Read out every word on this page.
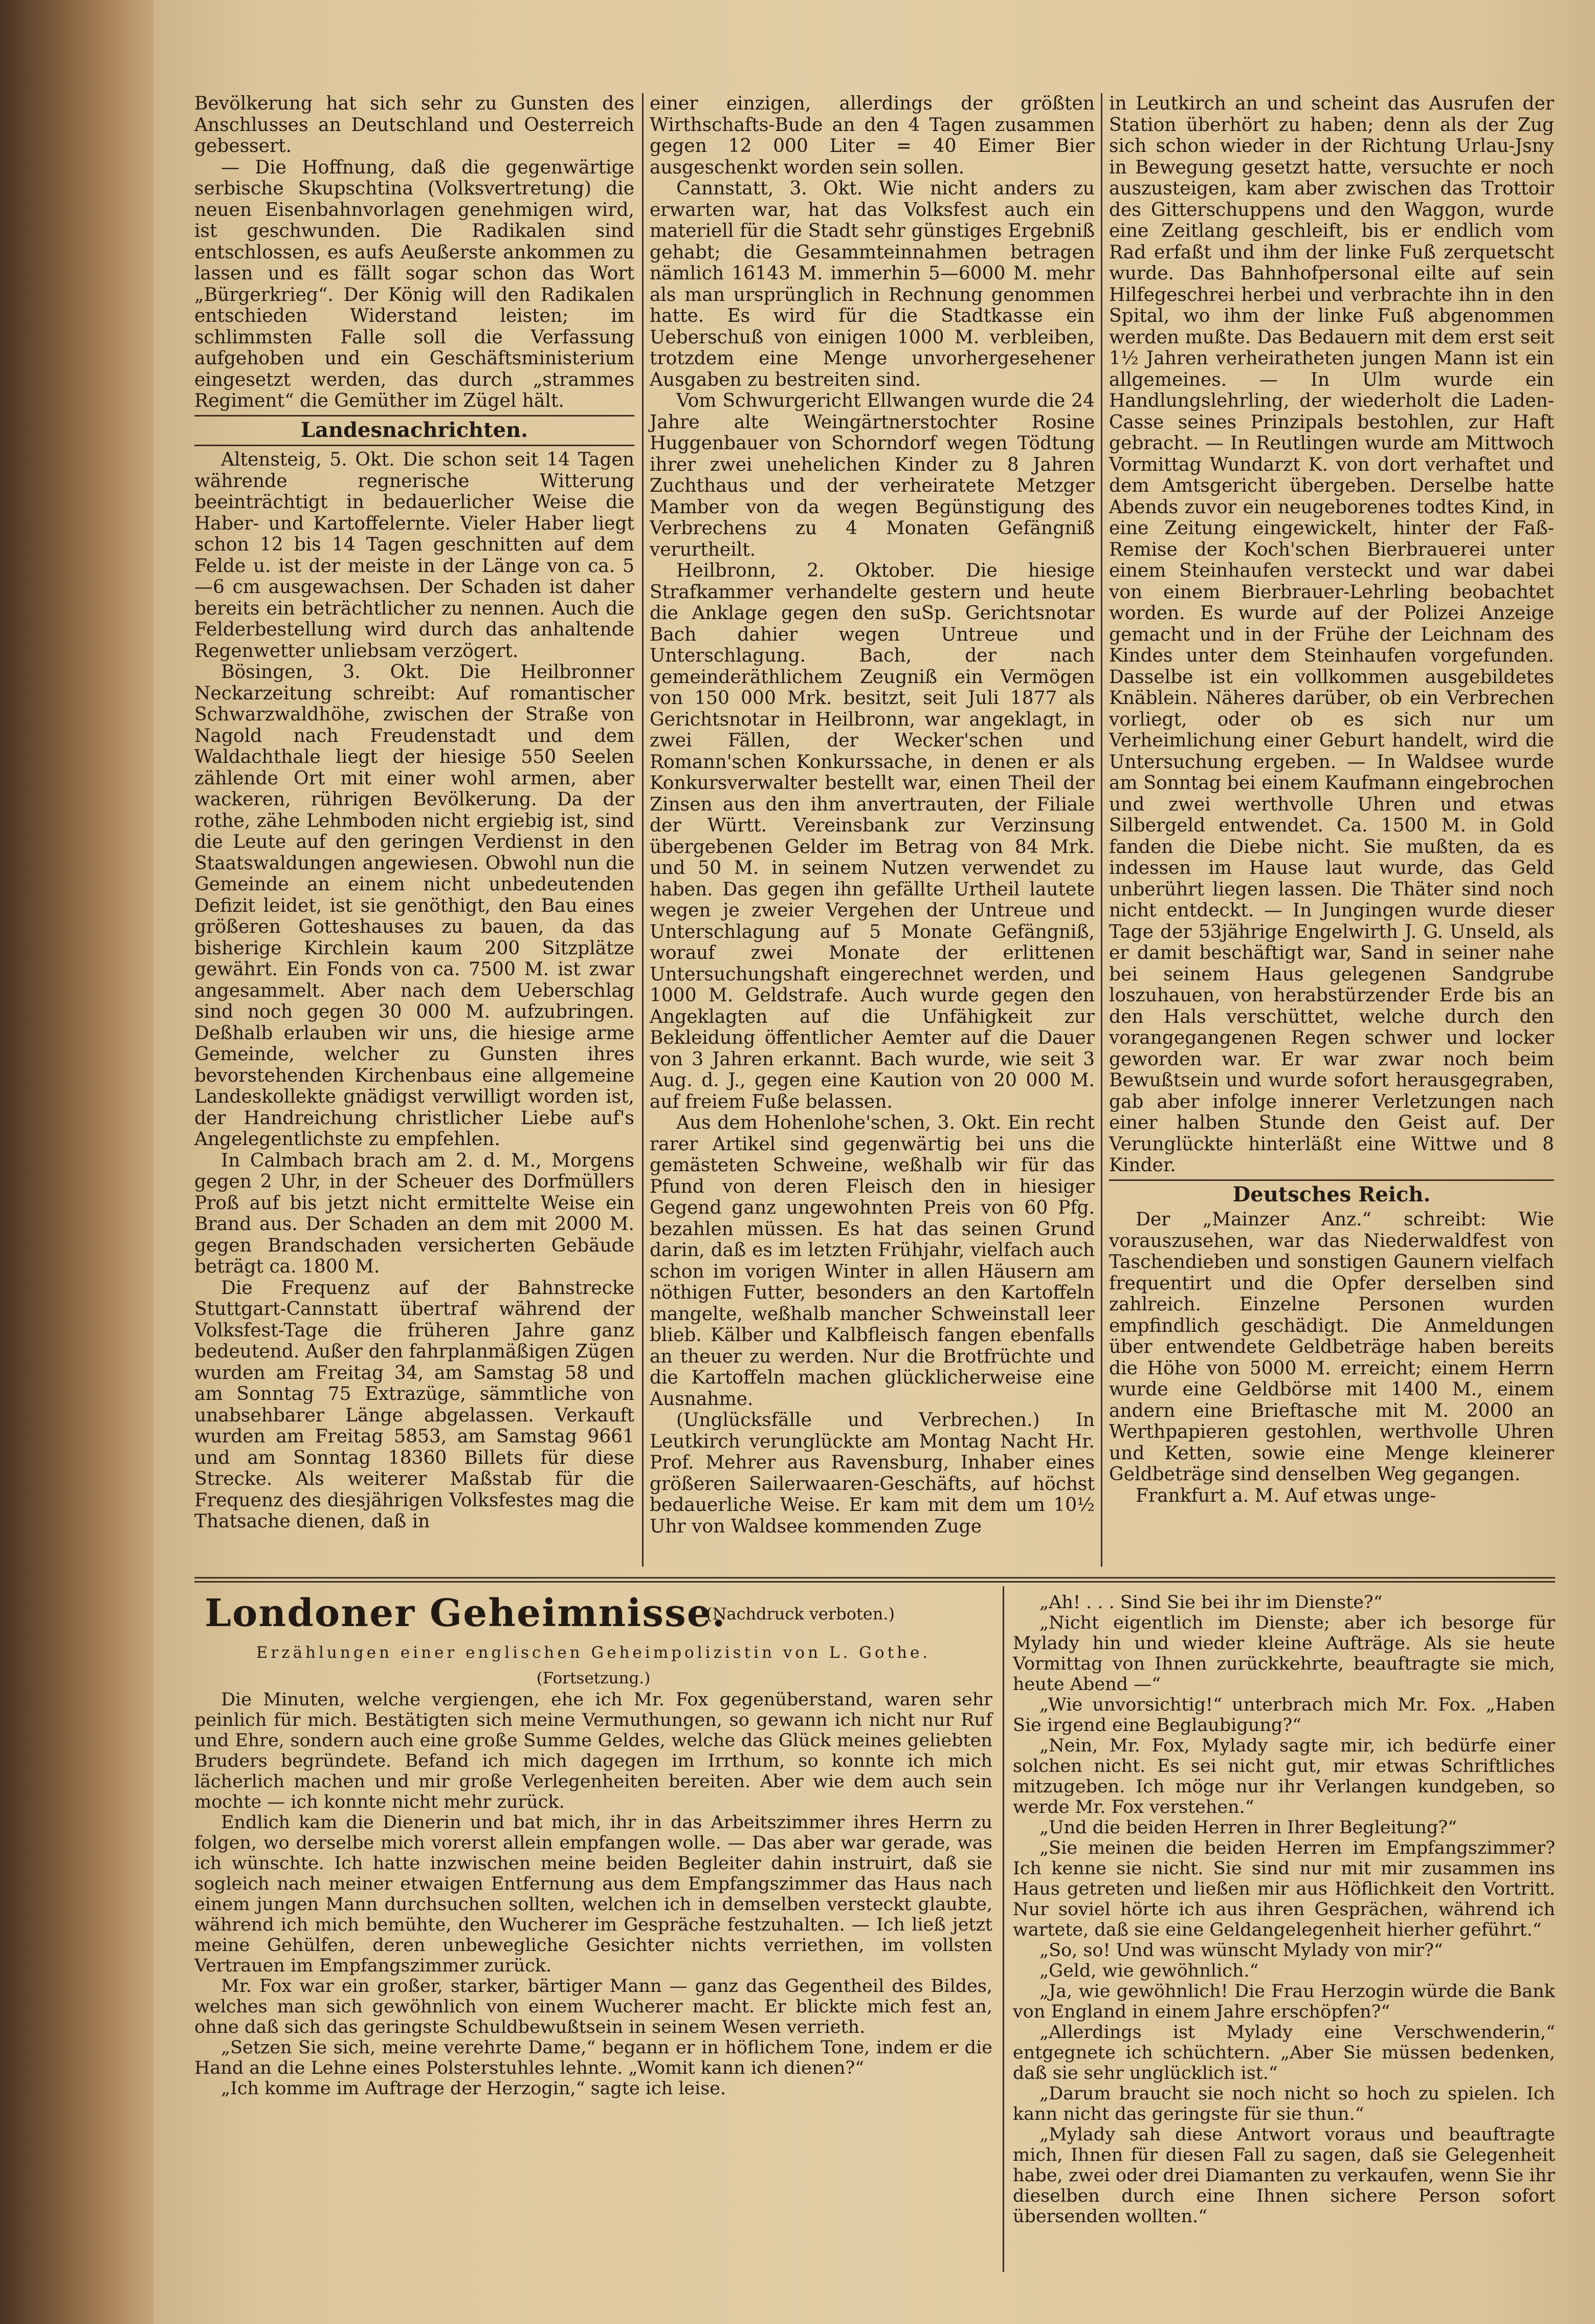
Bevölkerung hat sich sehr zu Gunsten des Anschlusses an Deutschland und Oesterreich gebessert.

— Die Hoffnung, daß die gegenwärtige serbische Skupschtina (Volksvertretung) die neuen Eisenbahnvorlagen genehmigen wird, ist geschwunden. Die Radikalen sind entschlossen, es aufs Aeußerste ankommen zu lassen und es fällt sogar schon das Wort „Bürgerkrieg“. Der König will den Radikalen entschieden Widerstand leisten; im schlimmsten Falle soll die Verfassung aufgehoben und ein Geschäftsministerium eingesetzt werden, das durch „strammes Regiment“ die Gemüther im Zügel hält.

Landesnachrichten.

Altensteig, 5. Okt. Die schon seit 14 Tagen währende regnerische Witterung beeinträchtigt in bedauerlicher Weise die Haber- und Kartoffelernte. Vieler Haber liegt schon 12 bis 14 Tagen geschnitten auf dem Felde u. ist der meiste in der Länge von ca. 5—6 cm ausgewachsen. Der Schaden ist daher bereits ein beträchtlicher zu nennen. Auch die Felderbestellung wird durch das anhaltende Regenwetter unliebsam verzögert.

Bösingen, 3. Okt. Die Heilbronner Neckarzeitung schreibt: Auf romantischer Schwarzwaldhöhe, zwischen der Straße von Nagold nach Freudenstadt und dem Waldachthale liegt der hiesige 550 Seelen zählende Ort mit einer wohl armen, aber wackeren, rührigen Bevölkerung. Da der rothe, zähe Lehmboden nicht ergiebig ist, sind die Leute auf den geringen Verdienst in den Staatswaldungen angewiesen. Obwohl nun die Gemeinde an einem nicht unbedeutenden Defizit leidet, ist sie genöthigt, den Bau eines größeren Gotteshauses zu bauen, da das bisherige Kirchlein kaum 200 Sitzplätze gewährt. Ein Fonds von ca. 7500 M. ist zwar angesammelt. Aber nach dem Ueberschlag sind noch gegen 30 000 M. aufzubringen. Deßhalb erlauben wir uns, die hiesige arme Gemeinde, welcher zu Gunsten ihres bevorstehenden Kirchenbaus eine allgemeine Landeskollekte gnädigst verwilligt worden ist, der Handreichung christlicher Liebe auf's Angelegentlichste zu empfehlen.

In Calmbach brach am 2. d. M., Morgens gegen 2 Uhr, in der Scheuer des Dorfmüllers Proß auf bis jetzt nicht ermittelte Weise ein Brand aus. Der Schaden an dem mit 2000 M. gegen Brandschaden versicherten Gebäude beträgt ca. 1800 M.

Die Frequenz auf der Bahnstrecke Stuttgart-Cannstatt übertraf während der Volksfest-Tage die früheren Jahre ganz bedeutend. Außer den fahrplanmäßigen Zügen wurden am Freitag 34, am Samstag 58 und am Sonntag 75 Extrazüge, sämmtliche von unabsehbarer Länge abgelassen. Verkauft wurden am Freitag 5853, am Samstag 9661 und am Sonntag 18360 Billets für diese Strecke. Als weiterer Maßstab für die Frequenz des diesjährigen Volksfestes mag die Thatsache dienen, daß in

einer einzigen, allerdings der größten Wirthschafts-Bude an den 4 Tagen zusammen gegen 12 000 Liter = 40 Eimer Bier ausgeschenkt worden sein sollen.

Cannstatt, 3. Okt. Wie nicht anders zu erwarten war, hat das Volksfest auch ein materiell für die Stadt sehr günstiges Ergebniß gehabt; die Gesammteinnahmen betragen nämlich 16143 M. immerhin 5—6000 M. mehr als man ursprünglich in Rechnung genommen hatte. Es wird für die Stadtkasse ein Ueberschuß von einigen 1000 M. verbleiben, trotzdem eine Menge unvorhergesehener Ausgaben zu bestreiten sind.

Vom Schwurgericht Ellwangen wurde die 24 Jahre alte Weingärtnerstochter Rosine Huggenbauer von Schorndorf wegen Tödtung ihrer zwei unehelichen Kinder zu 8 Jahren Zuchthaus und der verheiratete Metzger Mamber von da wegen Begünstigung des Verbrechens zu 4 Monaten Gefängniß verurtheilt.

Heilbronn, 2. Oktober. Die hiesige Strafkammer verhandelte gestern und heute die Anklage gegen den suSp. Gerichtsnotar Bach dahier wegen Untreue und Unterschlagung. Bach, der nach gemeinderäthlichem Zeugniß ein Vermögen von 150 000 Mrk. besitzt, seit Juli 1877 als Gerichtsnotar in Heilbronn, war angeklagt, in zwei Fällen, der Wecker'schen und Romann'schen Konkurssache, in denen er als Konkursverwalter bestellt war, einen Theil der Zinsen aus den ihm anvertrauten, der Filiale der Württ. Vereinsbank zur Verzinsung übergebenen Gelder im Betrag von 84 Mrk. und 50 M. in seinem Nutzen verwendet zu haben. Das gegen ihn gefällte Urtheil lautete wegen je zweier Vergehen der Untreue und Unterschlagung auf 5 Monate Gefängniß, worauf zwei Monate der erlittenen Untersuchungshaft eingerechnet werden, und 1000 M. Geldstrafe. Auch wurde gegen den Angeklagten auf die Unfähigkeit zur Bekleidung öffentlicher Aemter auf die Dauer von 3 Jahren erkannt. Bach wurde, wie seit 3 Aug. d. J., gegen eine Kaution von 20 000 M. auf freiem Fuße belassen.

Aus dem Hohenlohe'schen, 3. Okt. Ein recht rarer Artikel sind gegenwärtig bei uns die gemästeten Schweine, weßhalb wir für das Pfund von deren Fleisch den in hiesiger Gegend ganz ungewohnten Preis von 60 Pfg. bezahlen müssen. Es hat das seinen Grund darin, daß es im letzten Frühjahr, vielfach auch schon im vorigen Winter in allen Häusern am nöthigen Futter, besonders an den Kartoffeln mangelte, weßhalb mancher Schweinstall leer blieb. Kälber und Kalbfleisch fangen ebenfalls an theuer zu werden. Nur die Brotfrüchte und die Kartoffeln machen glücklicherweise eine Ausnahme.

(Unglücksfälle und Verbrechen.) In Leutkirch verunglückte am Montag Nacht Hr. Prof. Mehrer aus Ravensburg, Inhaber eines größeren Sailerwaaren-Geschäfts, auf höchst bedauerliche Weise. Er kam mit dem um 10½ Uhr von Waldsee kommenden Zuge

in Leutkirch an und scheint das Ausrufen der Station überhört zu haben; denn als der Zug sich schon wieder in der Richtung Urlau-Jsny in Bewegung gesetzt hatte, versuchte er noch auszusteigen, kam aber zwischen das Trottoir des Gitterschuppens und den Waggon, wurde eine Zeitlang geschleift, bis er endlich vom Rad erfaßt und ihm der linke Fuß zerquetscht wurde. Das Bahnhofpersonal eilte auf sein Hilfegeschrei herbei und verbrachte ihn in den Spital, wo ihm der linke Fuß abgenommen werden mußte. Das Bedauern mit dem erst seit 1½ Jahren verheiratheten jungen Mann ist ein allgemeines. — In Ulm wurde ein Handlungslehrling, der wiederholt die Laden-Casse seines Prinzipals bestohlen, zur Haft gebracht. — In Reutlingen wurde am Mittwoch Vormittag Wundarzt K. von dort verhaftet und dem Amtsgericht übergeben. Derselbe hatte Abends zuvor ein neugeborenes todtes Kind, in eine Zeitung eingewickelt, hinter der Faß-Remise der Koch'schen Bierbrauerei unter einem Steinhaufen versteckt und war dabei von einem Bierbrauer-Lehrling beobachtet worden. Es wurde auf der Polizei Anzeige gemacht und in der Frühe der Leichnam des Kindes unter dem Steinhaufen vorgefunden. Dasselbe ist ein vollkommen ausgebildetes Knäblein. Näheres darüber, ob ein Verbrechen vorliegt, oder ob es sich nur um Verheimlichung einer Geburt handelt, wird die Untersuchung ergeben. — In Waldsee wurde am Sonntag bei einem Kaufmann eingebrochen und zwei werthvolle Uhren und etwas Silbergeld entwendet. Ca. 1500 M. in Gold fanden die Diebe nicht. Sie mußten, da es indessen im Hause laut wurde, das Geld unberührt liegen lassen. Die Thäter sind noch nicht entdeckt. — In Jungingen wurde dieser Tage der 53jährige Engelwirth J. G. Unseld, als er damit beschäftigt war, Sand in seiner nahe bei seinem Haus gelegenen Sandgrube loszuhauen, von herabstürzender Erde bis an den Hals verschüttet, welche durch den vorangegangenen Regen schwer und locker geworden war. Er war zwar noch beim Bewußtsein und wurde sofort herausgegraben, gab aber infolge innerer Verletzungen nach einer halben Stunde den Geist auf. Der Verunglückte hinterläßt eine Wittwe und 8 Kinder.

Deutsches Reich.

Der „Mainzer Anz.“ schreibt: Wie vorauszusehen, war das Niederwaldfest von Taschendieben und sonstigen Gaunern vielfach frequentirt und die Opfer derselben sind zahlreich. Einzelne Personen wurden empfindlich geschädigt. Die Anmeldungen über entwendete Geldbeträge haben bereits die Höhe von 5000 M. erreicht; einem Herrn wurde eine Geldbörse mit 1400 M., einem andern eine Brieftasche mit M. 2000 an Werthpapieren gestohlen, werthvolle Uhren und Ketten, sowie eine Menge kleinerer Geldbeträge sind denselben Weg gegangen.

Frankfurt a. M. Auf etwas unge-

Londoner Geheimnisse.
(Nachdruck verboten.)
Erzählungen einer englischen Geheimpolizistin von L. Gothe.
(Fortsetzung.)

Die Minuten, welche vergiengen, ehe ich Mr. Fox gegenüberstand, waren sehr peinlich für mich. Bestätigten sich meine Vermuthungen, so gewann ich nicht nur Ruf und Ehre, sondern auch eine große Summe Geldes, welche das Glück meines geliebten Bruders begründete. Befand ich mich dagegen im Irrthum, so konnte ich mich lächerlich machen und mir große Verlegenheiten bereiten. Aber wie dem auch sein mochte — ich konnte nicht mehr zurück.

Endlich kam die Dienerin und bat mich, ihr in das Arbeitszimmer ihres Herrn zu folgen, wo derselbe mich vorerst allein empfangen wolle. — Das aber war gerade, was ich wünschte. Ich hatte inzwischen meine beiden Begleiter dahin instruirt, daß sie sogleich nach meiner etwaigen Entfernung aus dem Empfangszimmer das Haus nach einem jungen Mann durchsuchen sollten, welchen ich in demselben versteckt glaubte, während ich mich bemühte, den Wucherer im Gespräche festzuhalten. — Ich ließ jetzt meine Gehülfen, deren unbewegliche Gesichter nichts verriethen, im vollsten Vertrauen im Empfangszimmer zurück.

Mr. Fox war ein großer, starker, bärtiger Mann — ganz das Gegentheil des Bildes, welches man sich gewöhnlich von einem Wucherer macht. Er blickte mich fest an, ohne daß sich das geringste Schuldbewußtsein in seinem Wesen verrieth.

„Setzen Sie sich, meine verehrte Dame,“ begann er in höflichem Tone, indem er die Hand an die Lehne eines Polsterstuhles lehnte. „Womit kann ich dienen?“

„Ich komme im Auftrage der Herzogin,“ sagte ich leise.

„Ah! . . . Sind Sie bei ihr im Dienste?“

„Nicht eigentlich im Dienste; aber ich besorge für Mylady hin und wieder kleine Aufträge. Als sie heute Vormittag von Ihnen zurückkehrte, beauftragte sie mich, heute Abend —“

„Wie unvorsichtig!“ unterbrach mich Mr. Fox. „Haben Sie irgend eine Beglaubigung?“

„Nein, Mr. Fox, Mylady sagte mir, ich bedürfe einer solchen nicht. Es sei nicht gut, mir etwas Schriftliches mitzugeben. Ich möge nur ihr Verlangen kundgeben, so werde Mr. Fox verstehen.“

„Und die beiden Herren in Ihrer Begleitung?“

„Sie meinen die beiden Herren im Empfangszimmer? Ich kenne sie nicht. Sie sind nur mit mir zusammen ins Haus getreten und ließen mir aus Höflichkeit den Vortritt. Nur soviel hörte ich aus ihren Gesprächen, während ich wartete, daß sie eine Geldangelegenheit hierher geführt.“

„So, so! Und was wünscht Mylady von mir?“

„Geld, wie gewöhnlich.“

„Ja, wie gewöhnlich! Die Frau Herzogin würde die Bank von England in einem Jahre erschöpfen?“

„Allerdings ist Mylady eine Verschwenderin,“ entgegnete ich schüchtern. „Aber Sie müssen bedenken, daß sie sehr unglücklich ist.“

„Darum braucht sie noch nicht so hoch zu spielen. Ich kann nicht das geringste für sie thun.“

„Mylady sah diese Antwort voraus und beauftragte mich, Ihnen für diesen Fall zu sagen, daß sie Gelegenheit habe, zwei oder drei Diamanten zu verkaufen, wenn Sie ihr dieselben durch eine Ihnen sichere Person sofort übersenden wollten.“
